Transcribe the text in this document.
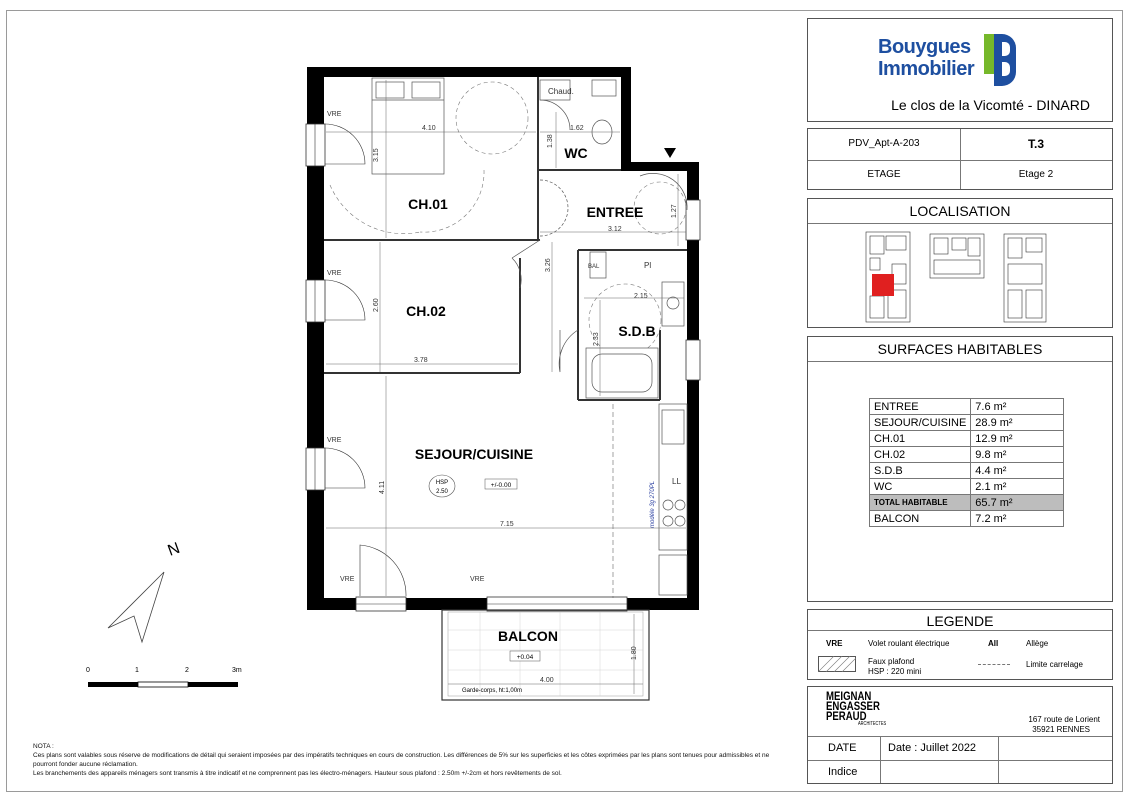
CH.01
CH.02
WC
ENTREE
S.D.B
SEJOUR/CUISINE
BALCON
Chaud.
Pl
LL
BAL
4.10
3.15
1.62
1.38
1.27
3.12
3.26
2.60
3.78
2.15
2.33
4.11
7.15
1.80
4.00
VRE
VRE
VRE
VRE	VRE
HSP
2.50
+/-0.00
+0.04
Garde-corps, ht:1,00m
modèle 3g 270PL
N
0	1	2	3m
Bouygues
Immobilier
Le clos de la Vicomté - DINARD
PDV_Apt-A-203	T.3
ETAGE	Etage 2
LOCALISATION
SURFACES HABITABLES
ENTREE	7.6 m²
SEJOUR/CUISINE	28.9 m²
CH.01	12.9 m²
CH.02	9.8 m²
S.D.B	4.4 m²
WC	2.1 m²
TOTAL HABITABLE	65.7 m²
BALCON	7.2 m²
LEGENDE
VRE	Volet roulant électrique	All	Allège
Faux plafond
HSP : 220 mini
Limite carrelage
MEIGNAN
ENGASSER
PERAUD
ARCHITECTES	167 route de Lorient
35921 RENNES
DATE	Date : Juillet 2022
Indice
NOTA :
Ces plans sont valables sous réserve de modifications de détail qui seraient imposées par des impératifs techniques en cours de construction. Les différences de 5% sur les superficies et les côtes exprimées par les plans sont tenues pour admissibles et ne pourront fonder aucune réclamation.
Les branchements des appareils ménagers sont transmis à titre indicatif et ne comprennent pas les électro-ménagers. Hauteur sous plafond : 2.50m +/-2cm et hors revêtements de sol.
